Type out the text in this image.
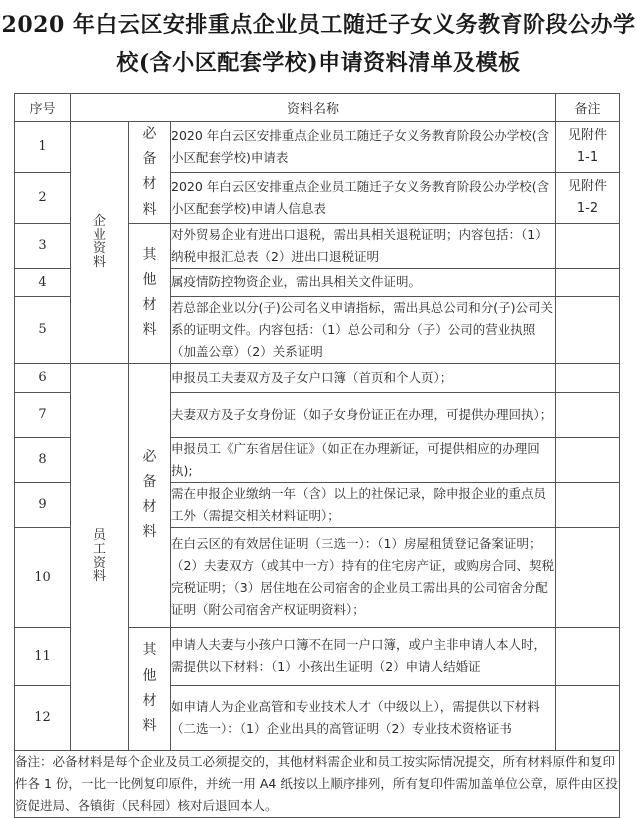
2020 年白云区安排重点企业员工随迁子女义务教育阶段公办学
校(含小区配套学校)申请资料清单及模板
序号	资料名称			备注
1	企业资料	必备材料	2020 年白云区安排重点企业员工随迁子女义务教育阶段公办学校(含小区配套学校)申请表	见附件
1-1

2			2020 年白云区安排重点企业员工随迁子女义务教育阶段公办学校(含小区配套学校)申请人信息表	见附件
1-2

3		其他材料	对外贸易企业有进出口退税，需出具相关退税证明；内容包括：（1）纳税申报汇总表（2）进出口退税证明	
4			属疫情防控物资企业，需出具相关文件证明。	
5			若总部企业以分(子)公司名义申请指标，需出具总公司和分(子)公司关系的证明文件。内容包括：（1）总公司和分（子）公司的营业执照（加盖公章）（2）关系证明	
6	员工资料	必备材料	申报员工夫妻双方及子女户口簿（首页和个人页）；	
7			夫妻双方及子女身份证（如子女身份证正在办理，可提供办理回执）；	
8			申报员工《广东省居住证》（如正在办理新证，可提供相应的办理回执);	
9			需在申报企业缴纳一年（含）以上的社保记录，除申报企业的重点员工外（需提交相关材料证明）；	
10			在白云区的有效居住证明（三选一）：（1）房屋租赁登记备案证明；（2）夫妻双方（或其中一方）持有的住宅房产证，或购房合同、契税完税证明；（3）居住地在公司宿舍的企业员工需出具的公司宿舍分配证明（附公司宿舍产权证明资料）；	
11		其他材料	申请人夫妻与小孩户口簿不在同一户口簿，或户主非申请人本人时，需提供以下材料：（1）小孩出生证明（2）申请人结婚证	
12			如申请人为企业高管和专业技术人才（中级以上），需提供以下材料（二选一）：（1）企业出具的高管证明（2）专业技术资格证书	
备注：必备材料是每个企业及员工必须提交的，其他材料需企业和员工按实际情况提交，所有材料原件和复印件各 1 份，一比一比例复印原件，并统一用 A4 纸按以上顺序排列，所有复印件需加盖单位公章，原件由区投资促进局、各镇街（民科园）核对后退回本人。				
